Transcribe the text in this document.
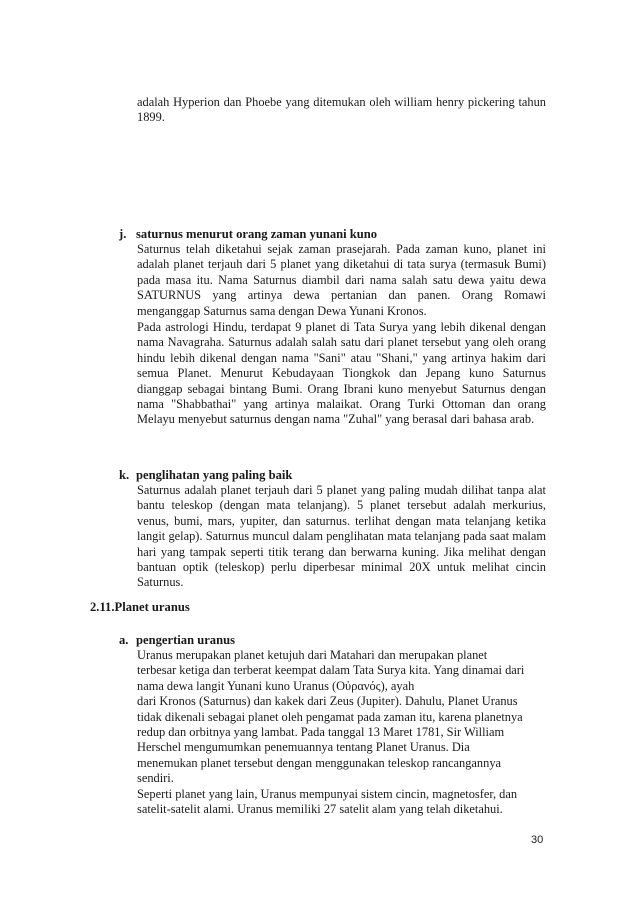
adalah Hyperion dan Phoebe yang ditemukan oleh william henry pickering tahun 1899.

j. saturnus menurut orang zaman yunani kuno

Saturnus telah diketahui sejak zaman prasejarah. Pada zaman kuno, planet ini adalah planet terjauh dari 5 planet yang diketahui di tata surya (termasuk Bumi) pada masa itu. Nama Saturnus diambil dari nama salah satu dewa yaitu dewa SATURNUS yang artinya dewa pertanian dan panen. Orang Romawi menganggap Saturnus sama dengan Dewa Yunani Kronos.

Pada astrologi Hindu, terdapat 9 planet di Tata Surya yang lebih dikenal dengan nama Navagraha. Saturnus adalah salah satu dari planet tersebut yang oleh orang hindu lebih dikenal dengan nama "Sani" atau "Shani," yang artinya hakim dari semua Planet. Menurut Kebudayaan Tiongkok dan Jepang kuno Saturnus dianggap sebagai bintang Bumi. Orang Ibrani kuno menyebut Saturnus dengan nama "Shabbathai" yang artinya malaikat. Orang Turki Ottoman dan orang Melayu menyebut saturnus dengan nama "Zuhal" yang berasal dari bahasa arab.

k. penglihatan yang paling baik

Saturnus adalah planet terjauh dari 5 planet yang paling mudah dilihat tanpa alat bantu teleskop (dengan mata telanjang). 5 planet tersebut adalah merkurius, venus, bumi, mars, yupiter, dan saturnus. terlihat dengan mata telanjang ketika langit gelap). Saturnus muncul dalam penglihatan mata telanjang pada saat malam hari yang tampak seperti titik terang dan berwarna kuning. Jika melihat dengan bantuan optik (teleskop) perlu diperbesar minimal 20X untuk melihat cincin Saturnus.

2.11.Planet uranus
a. pengertian uranus
Uranus merupakan planet ketujuh dari Matahari dan merupakan planet
terbesar ketiga dan terberat keempat dalam Tata Surya kita. Yang dinamai dari
nama dewa langit Yunani kuno Uranus (Οὐρανός), ayah
dari Kronos (Saturnus) dan kakek dari Zeus (Jupiter). Dahulu, Planet Uranus
tidak dikenali sebagai planet oleh pengamat pada zaman itu, karena planetnya
redup dan orbitnya yang lambat. Pada tanggal 13 Maret 1781, Sir William
Herschel mengumumkan penemuannya tentang Planet Uranus. Dia
menemukan planet tersebut dengan menggunakan teleskop rancangannya
sendiri.
Seperti planet yang lain, Uranus mempunyai sistem cincin, magnetosfer, dan
satelit-satelit alami. Uranus memiliki 27 satelit alam yang telah diketahui.
30
